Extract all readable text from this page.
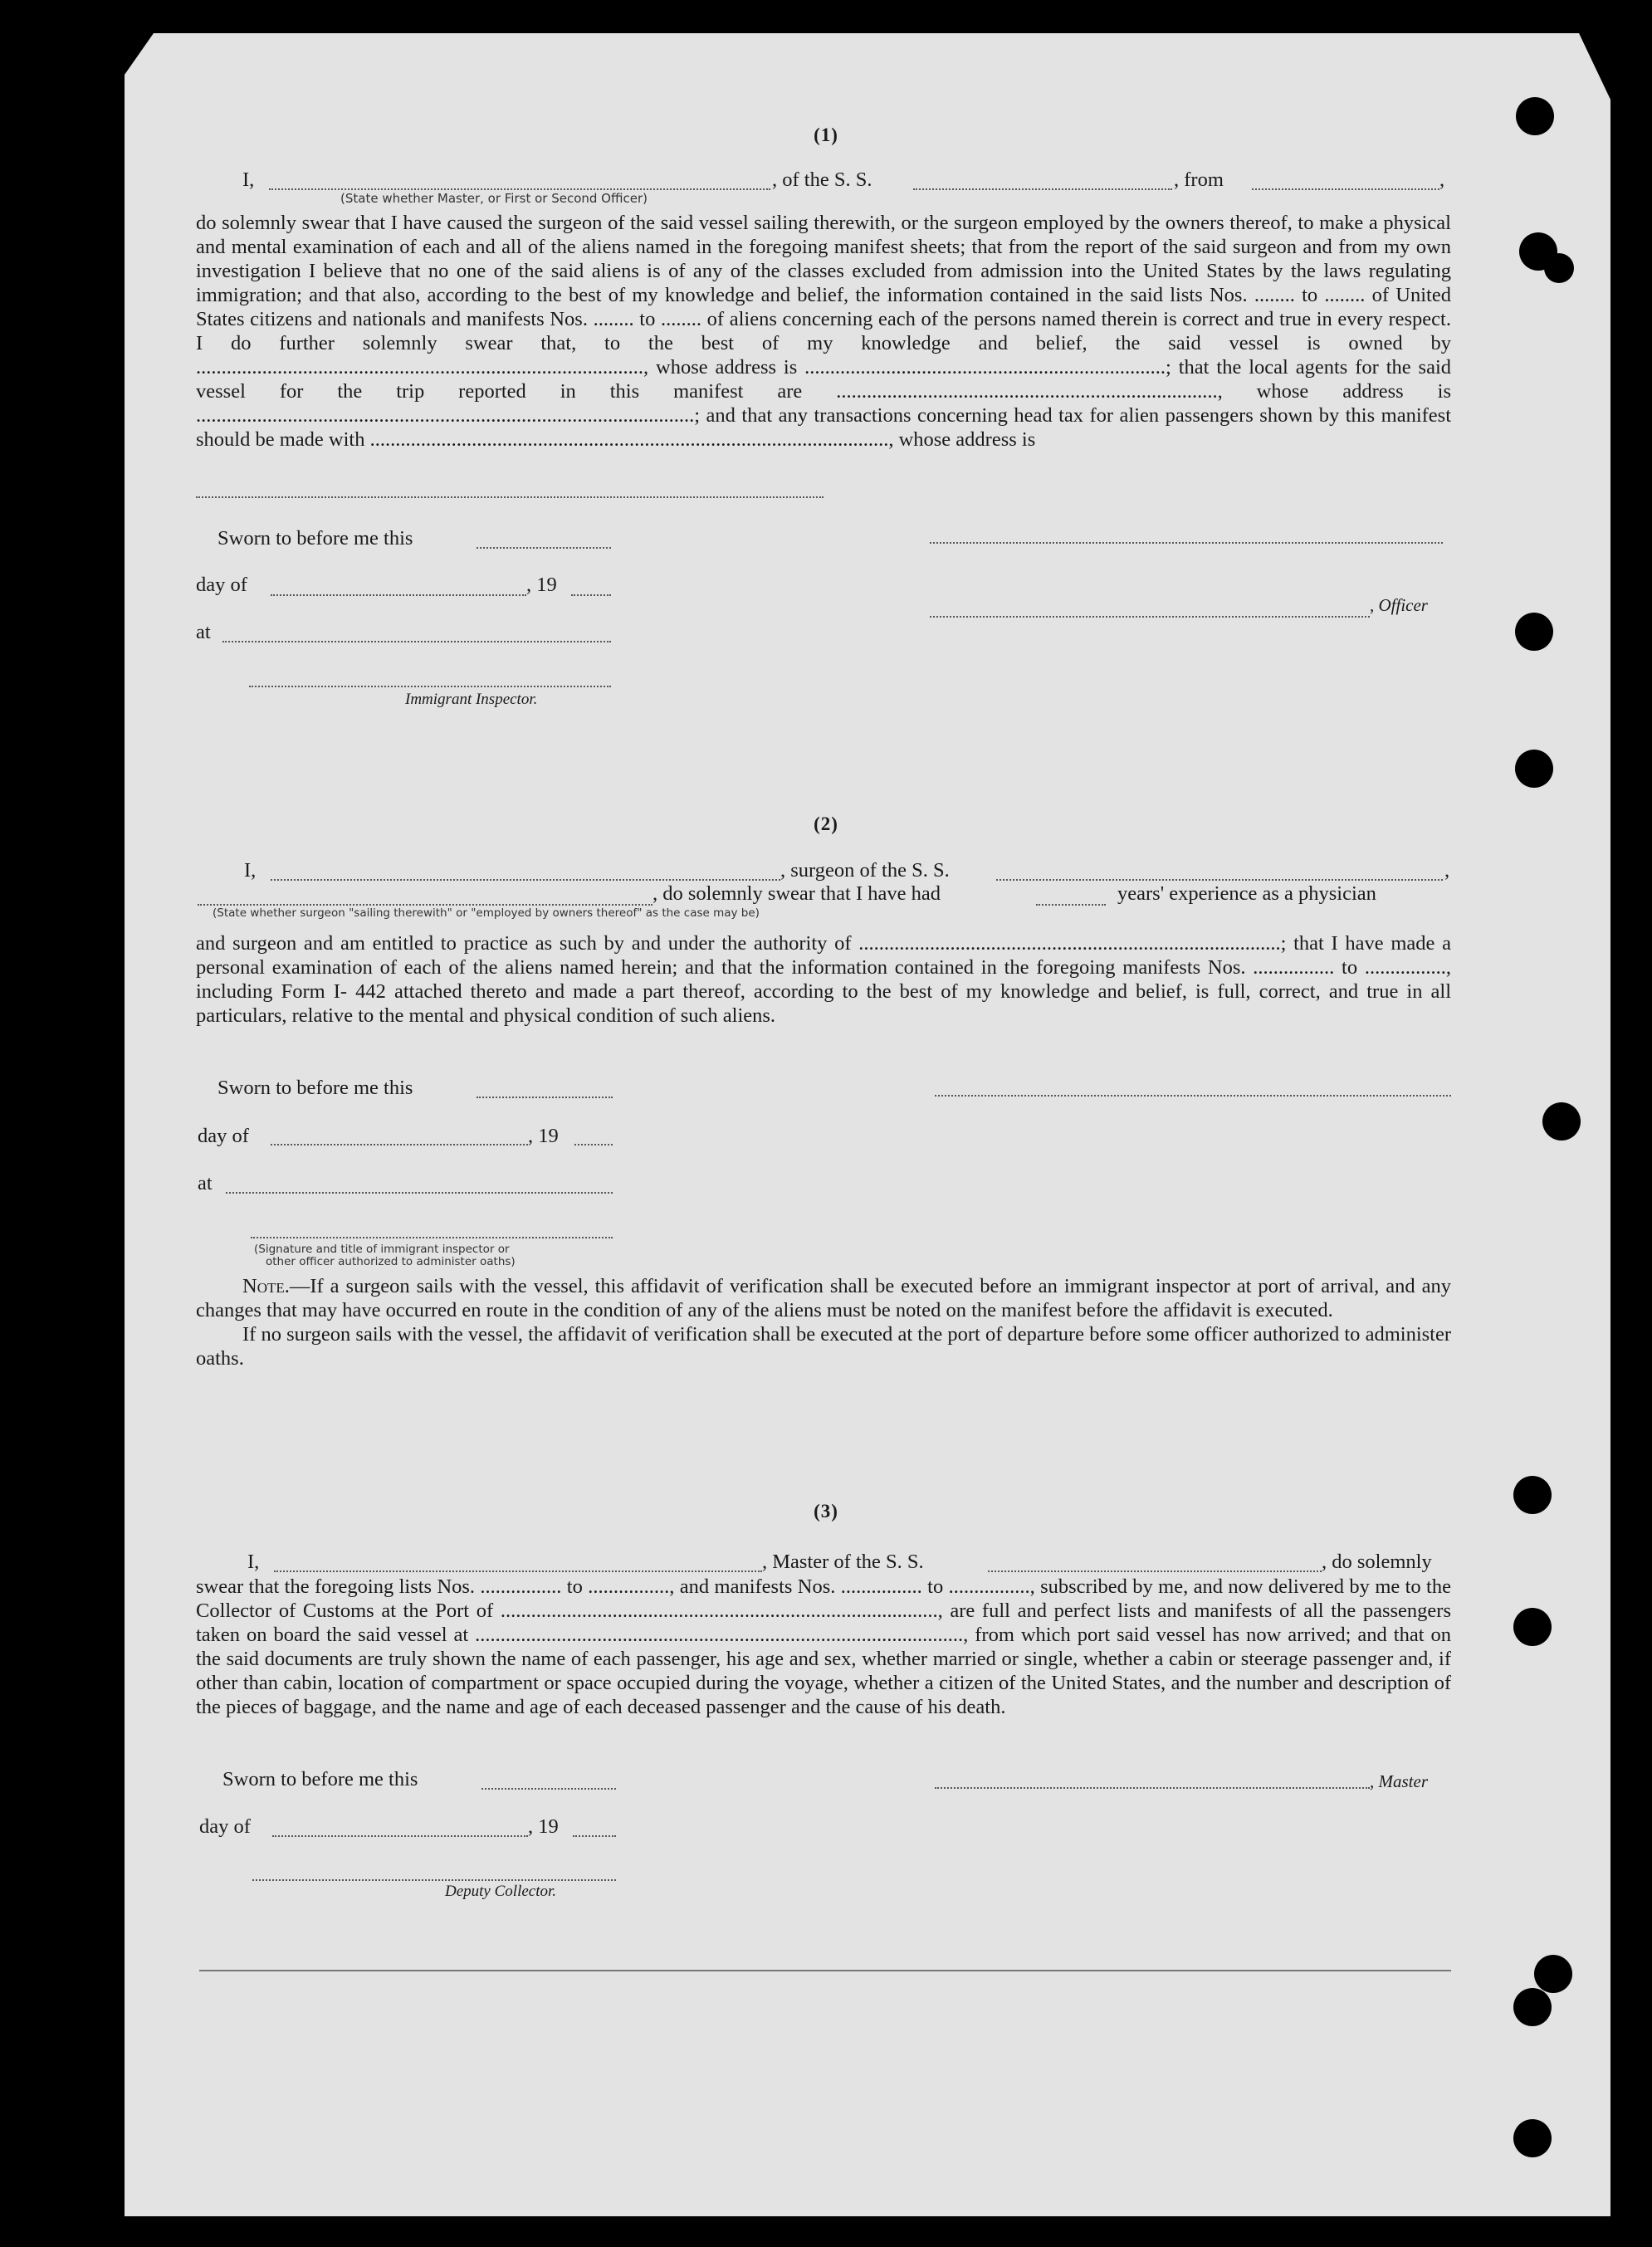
(1)
I,	, of the S. S.	, from	,
(State whether Master, or First or Second Officer)

do solemnly swear that I have caused the surgeon of the said vessel sailing therewith, or the surgeon employed by the owners thereof, to make a physical and mental examination of each and all of the aliens named in the foregoing manifest sheets; that from the report of the said surgeon and from my own investigation I believe that no one of the said aliens is of any of the classes excluded from admission into the United States by the laws regulating immigration; and that also, according to the best of my knowledge and belief, the information contained in the said lists Nos. ........ to ........ of United States citizens and nationals and manifests Nos. ........ to ........ of aliens concerning each of the persons named therein is correct and true in every respect. I do further solemnly swear that, to the best of my knowledge and belief, the said vessel is owned by ........................................................................................, whose address is .......................................................................; that the local agents for the said vessel for the trip reported in this manifest are ..........................................................................., whose address is ..................................................................................................; and that any transactions concerning head tax for alien passengers shown by this manifest should be made with ......................................................................................................, whose address is

Sworn to before me this
day of	, 19
at
, Officer
Immigrant Inspector.
(2)
I,	, surgeon of the S. S.	,
, do solemnly swear that I have had	years' experience as a physician
(State whether surgeon "sailing therewith" or "employed by owners thereof" as the case may be)

and surgeon and am entitled to practice as such by and under the authority of ...................................................................................; that I have made a personal examination of each of the aliens named herein; and that the information contained in the foregoing manifests Nos. ................ to ................, including Form I- 442 attached thereto and made a part thereof, according to the best of my knowledge and belief, is full, correct, and true in all particulars, relative to the mental and physical condition of such aliens.

Sworn to before me this
day of	, 19
at
(Signature and title of immigrant inspector or
other officer authorized to administer oaths)

Note.—If a surgeon sails with the vessel, this affidavit of verification shall be executed before an immigrant inspector at port of arrival, and any changes that may have occurred en route in the condition of any of the aliens must be noted on the manifest before the affidavit is executed.

If no surgeon sails with the vessel, the affidavit of verification shall be executed at the port of departure before some officer authorized to administer oaths.

(3)
I,	, Master of the S. S.	, do solemnly

swear that the foregoing lists Nos. ................ to ................, and manifests Nos. ................ to ................, subscribed by me, and now delivered by me to the Collector of Customs at the Port of ......................................................................................, are full and perfect lists and manifests of all the passengers taken on board the said vessel at ................................................................................................, from which port said vessel has now arrived; and that on the said documents are truly shown the name of each passenger, his age and sex, whether married or single, whether a cabin or steerage passenger and, if other than cabin, location of compartment or space occupied during the voyage, whether a citizen of the United States, and the number and description of the pieces of baggage, and the name and age of each deceased passenger and the cause of his death.

Sworn to before me this	, Master
day of	, 19
Deputy Collector.
